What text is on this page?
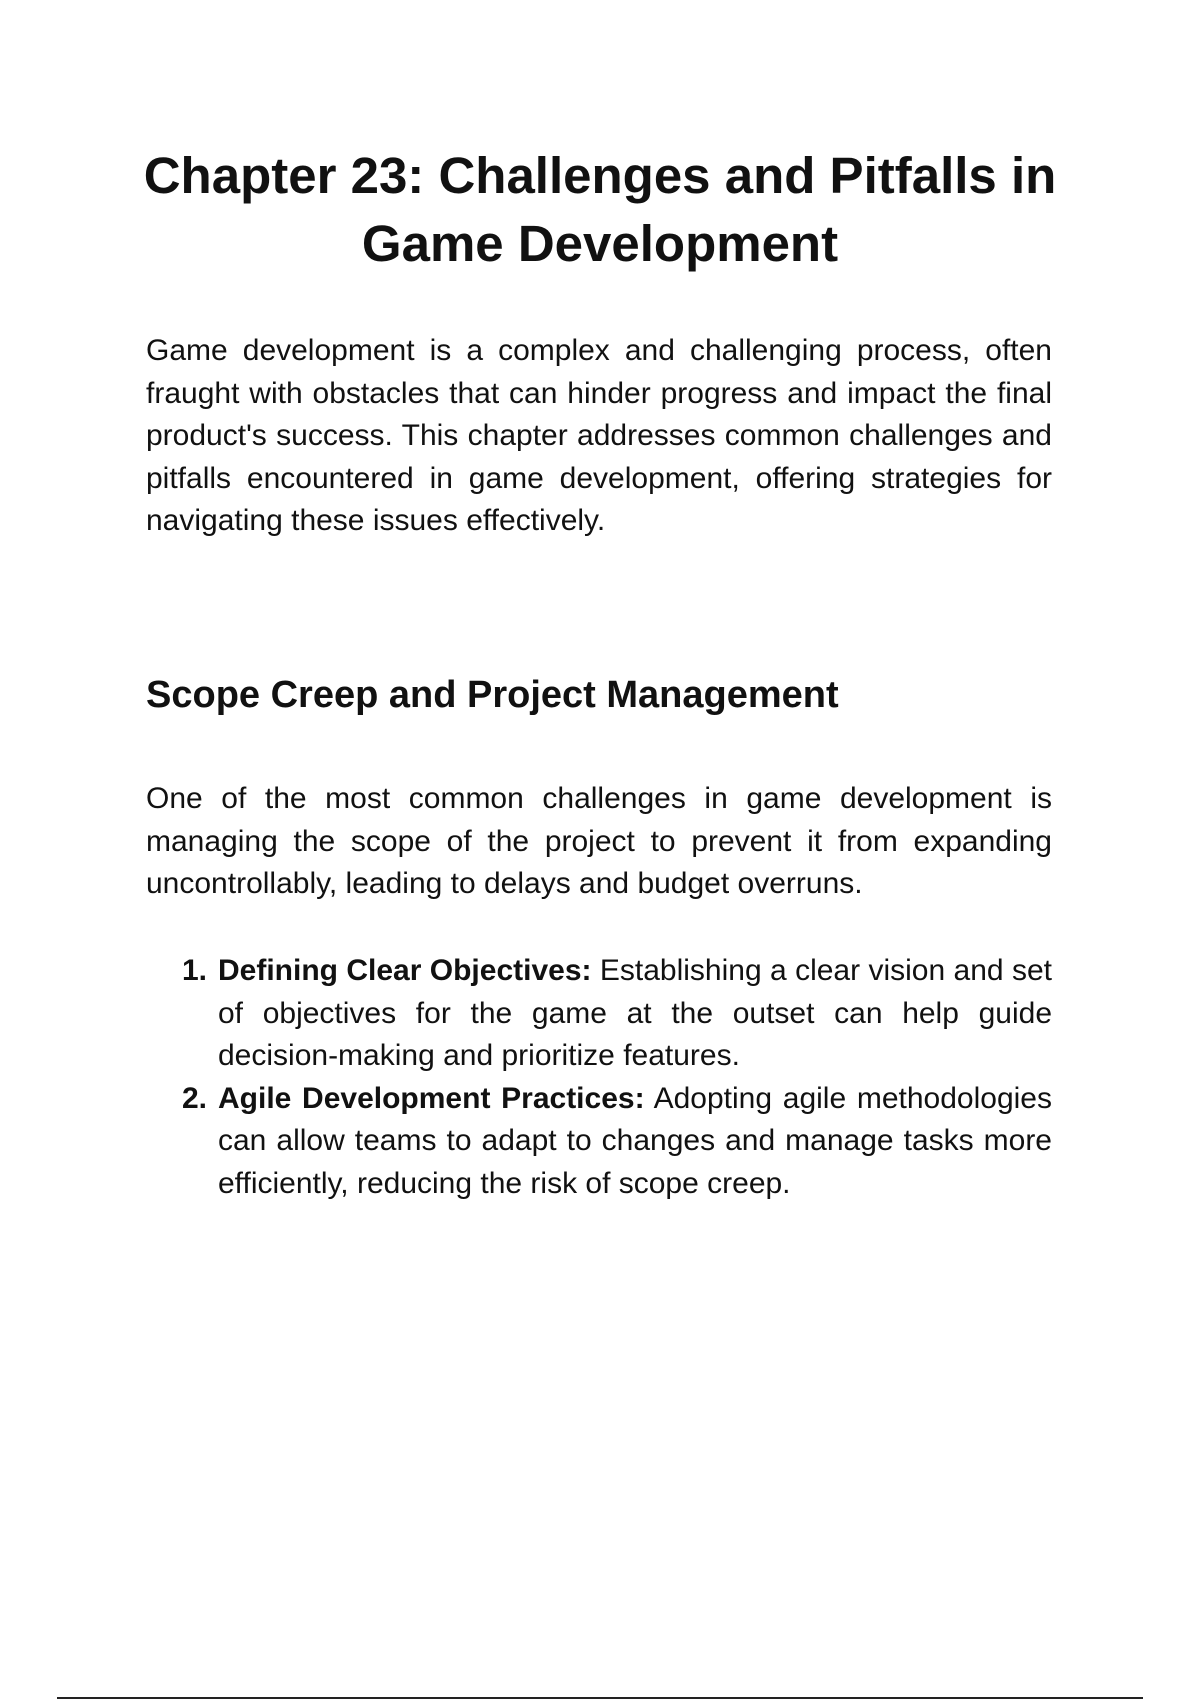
Chapter 23: Challenges and Pitfalls in Game Development

Game development is a complex and challenging process, often fraught with obstacles that can hinder progress and impact the final product's success. This chapter addresses common challenges and pitfalls encountered in game development, offering strategies for navigating these issues effectively.

Scope Creep and Project Management

One of the most common challenges in game development is managing the scope of the project to prevent it from expanding uncontrollably, leading to delays and budget overruns.

1. Defining Clear Objectives: Establishing a clear vision and set of objectives for the game at the outset can help guide decision-making and prioritize features.
2. Agile Development Practices: Adopting agile methodologies can allow teams to adapt to changes and manage tasks more efficiently, reducing the risk of scope creep.
